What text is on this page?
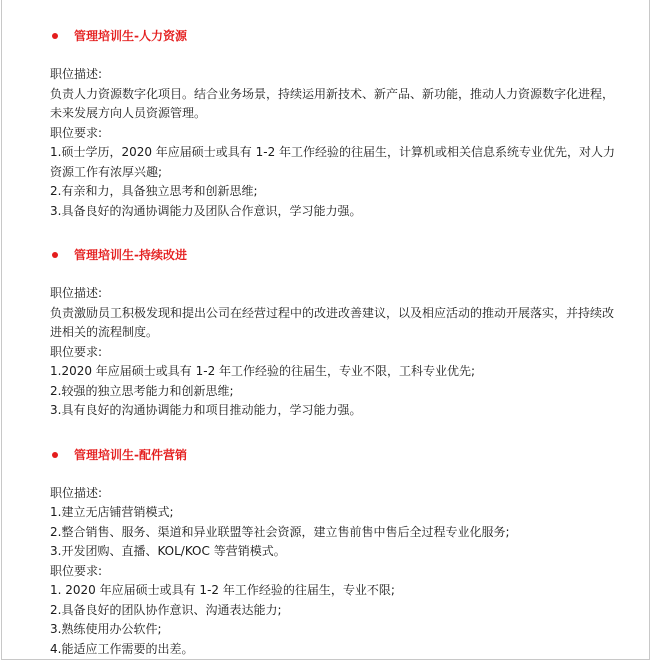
管理培训生-人力资源

职位描述:

负责人力资源数字化项目。结合业务场景，持续运用新技术、新产品、新功能，推动人力资源数字化进程，未来发展方向人员资源管理。

职位要求:

1.硕士学历，2020 年应届硕士或具有 1-2 年工作经验的往届生，计算机或相关信息系统专业优先，对人力资源工作有浓厚兴趣;

2.有亲和力，具备独立思考和创新思维;

3.具备良好的沟通协调能力及团队合作意识，学习能力强。

管理培训生-持续改进

职位描述:

负责激励员工积极发现和提出公司在经营过程中的改进改善建议，以及相应活动的推动开展落实，并持续改进相关的流程制度。

职位要求:

1.2020 年应届硕士或具有 1-2 年工作经验的往届生，专业不限，工科专业优先;

2.较强的独立思考能力和创新思维;

3.具有良好的沟通协调能力和项目推动能力，学习能力强。

管理培训生-配件营销

职位描述:

1.建立无店铺营销模式;

2.整合销售、服务、渠道和异业联盟等社会资源，建立售前售中售后全过程专业化服务;

3.开发团购、直播、KOL/KOC 等营销模式。

职位要求:

1. 2020 年应届硕士或具有 1-2 年工作经验的往届生，专业不限;

2.具备良好的团队协作意识、沟通表达能力;

3.熟练使用办公软件;

4.能适应工作需要的出差。
